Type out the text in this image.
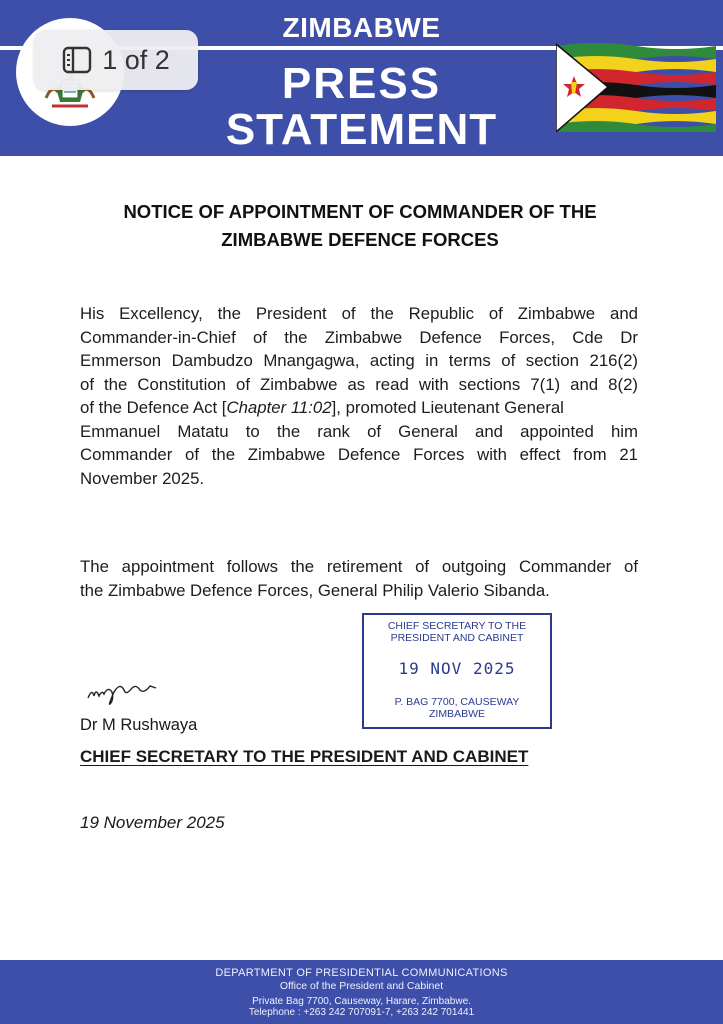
ZIMBABWE
PRESS
STATEMENT
1 of 2
NOTICE OF APPOINTMENT OF COMMANDER OF THE
ZIMBABWE DEFENCE FORCES
His Excellency, the President of the Republic of Zimbabwe and
Commander-in-Chief of the Zimbabwe Defence Forces, Cde Dr
Emmerson Dambudzo Mnangagwa, acting in terms of section 216(2)
of the Constitution of Zimbabwe as read with sections 7(1) and 8(2)
of the Defence Act [Chapter 11:02], promoted Lieutenant General
Emmanuel Matatu to the rank of General and appointed him
Commander of the Zimbabwe Defence Forces with effect from 21
November 2025.
The appointment follows the retirement of outgoing Commander of
the Zimbabwe Defence Forces, General Philip Valerio Sibanda.
CHIEF SECRETARY TO THE
PRESIDENT AND CABINET
19 NOV 2025
P. BAG 7700, CAUSEWAY
ZIMBABWE
Dr M Rushwaya
CHIEF SECRETARY TO THE PRESIDENT AND CABINET
19 November 2025
DEPARTMENT OF PRESIDENTIAL COMMUNICATIONS
Office of the President and Cabinet
Private Bag 7700, Causeway, Harare, Zimbabwe.
Telephone : +263 242 707091-7, +263 242 701441
